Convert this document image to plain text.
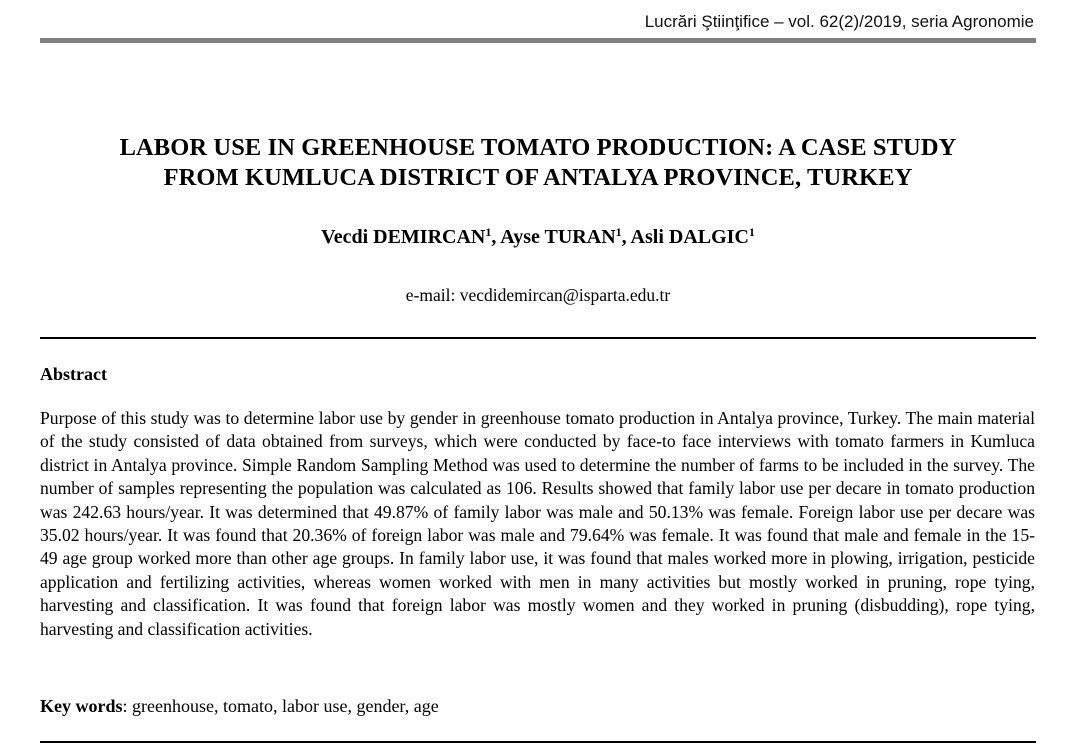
Lucrări Ştiinţifice – vol. 62(2)/2019, seria Agronomie
LABOR USE IN GREENHOUSE TOMATO PRODUCTION: A CASE STUDY
FROM KUMLUCA DISTRICT OF ANTALYA PROVINCE, TURKEY
Vecdi DEMIRCAN$^1$, Ayse TURAN$^1$, Asli DALGIC$^1$
e-mail: vecdidemircan@isparta.edu.tr
Abstract
Purpose of this study was to determine labor use by gender in greenhouse tomato production in Antalya province, Turkey. The main material of the study consisted of data obtained from surveys, which were conducted by face-to face interviews with tomato farmers in Kumluca district in Antalya province. Simple Random Sampling Method was used to determine the number of farms to be included in the survey. The number of samples representing the population was calculated as 106. Results showed that family labor use per decare in tomato production was 242.63 hours/year. It was determined that 49.87% of family labor was male and 50.13% was female. Foreign labor use per decare was 35.02 hours/year. It was found that 20.36% of foreign labor was male and 79.64% was female. It was found that male and female in the 15-49 age group worked more than other age groups. In family labor use, it was found that males worked more in plowing, irrigation, pesticide application and fertilizing activities, whereas women worked with men in many activities but mostly worked in pruning, rope tying, harvesting and classification. It was found that foreign labor was mostly women and they worked in pruning (disbudding), rope tying, harvesting and classification activities.
Key words: greenhouse, tomato, labor use, gender, age
